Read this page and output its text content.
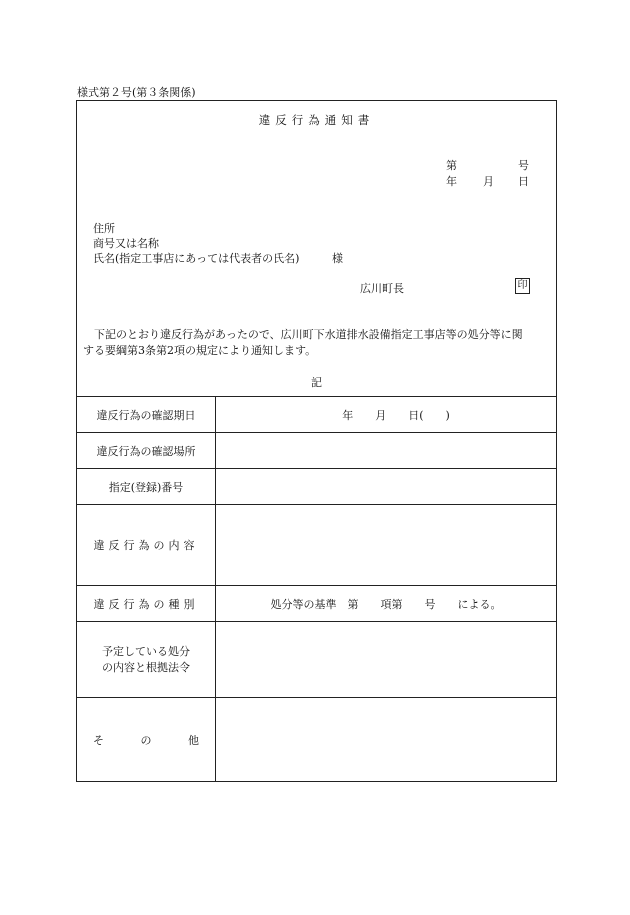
様式第２号(第３条関係)
違反行為通知書
第	号
年 月 日
住所
商号又は名称
氏名(指定工事店にあっては代表者の氏名)	様
広川町長	印

下記のとおり違反行為があったので、広川町下水道排水設備指定工事店等の処分等に関

する要綱第3条第2項の規定により通知します。

記
違反行為の確認期日	年　　月　　日(　　)
違反行為の確認場所	
指定(登録)番号	
違反行為の内容	
違反行為の種別	処分等の基準　第　　項第　　号　　による。

予定している処分
の内容と根拠法令	

そ の 他	
